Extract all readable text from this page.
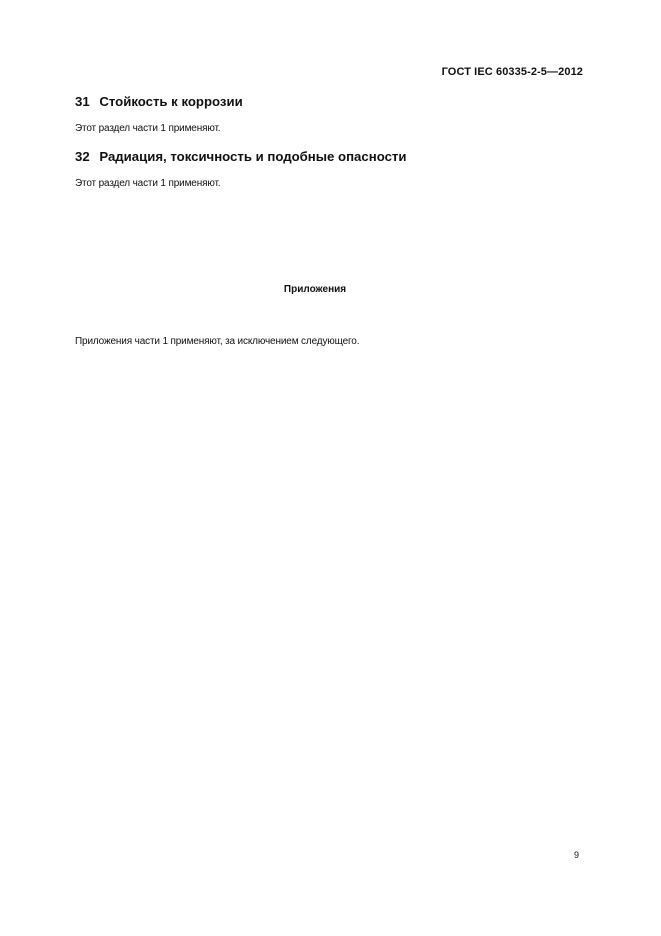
ГОСТ IEC 60335-2-5—2012
31 Стойкость к коррозии
Этот раздел части 1 применяют.
32 Радиация, токсичность и подобные опасности
Этот раздел части 1 применяют.
Приложения
Приложения части 1 применяют, за исключением следующего.
9
